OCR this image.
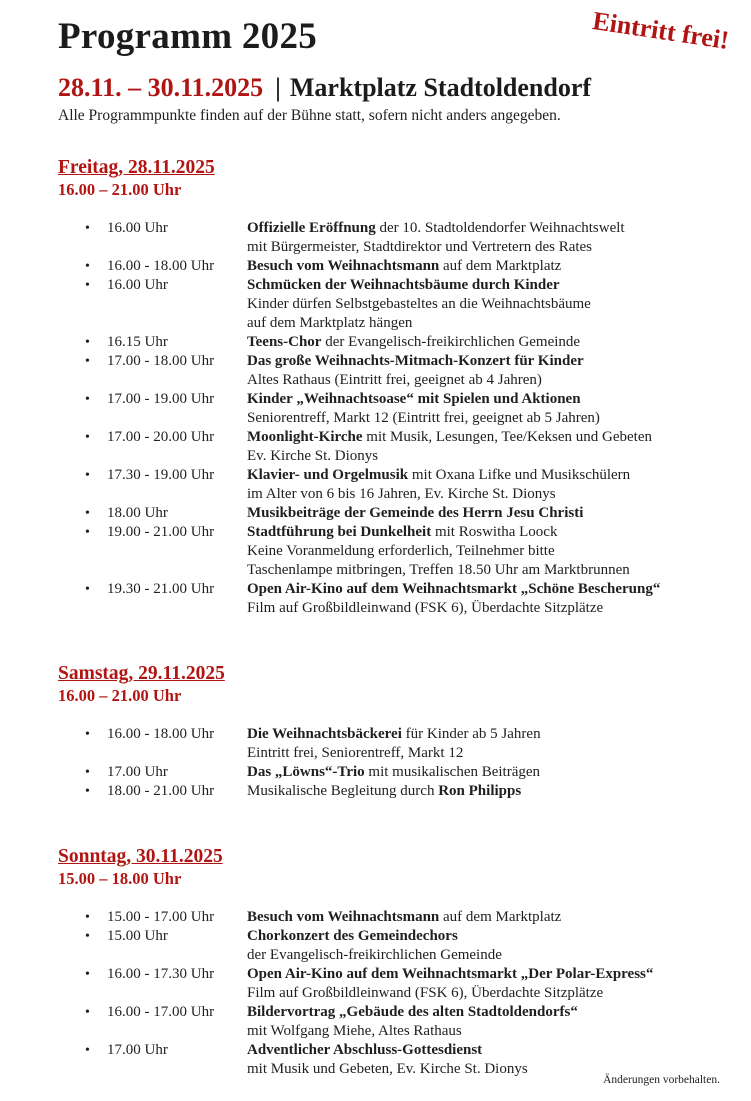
Programm 2025	Eintritt frei!
28.11. – 30.11.2025 | Marktplatz Stadtoldendorf

Alle Programmpunkte finden auf der Bühne statt, sofern nicht anders angegeben.

Freitag, 28.11.2025
16.00 – 21.00 Uhr
•	16.00 Uhr	Offizielle Eröffnung der 10. Stadtoldendorfer Weihnachtswelt
mit Bürgermeister, Stadtdirektor und Vertretern des Rates
•	16.00 - 18.00 Uhr	Besuch vom Weihnachtsmann auf dem Marktplatz
•	16.00 Uhr	Schmücken der Weihnachtsbäume durch Kinder
Kinder dürfen Selbstgebasteltes an die Weihnachtsbäume
auf dem Marktplatz hängen
•	16.15 Uhr	Teens-Chor der Evangelisch-freikirchlichen Gemeinde
•	17.00 - 18.00 Uhr	Das große Weihnachts-Mitmach-Konzert für Kinder
Altes Rathaus (Eintritt frei, geeignet ab 4 Jahren)
•	17.00 - 19.00 Uhr	Kinder „Weihnachtsoase“ mit Spielen und Aktionen
Seniorentreff, Markt 12 (Eintritt frei, geeignet ab 5 Jahren)
•	17.00 - 20.00 Uhr	Moonlight-Kirche mit Musik, Lesungen, Tee/Keksen und Gebeten
Ev. Kirche St. Dionys
•	17.30 - 19.00 Uhr	Klavier- und Orgelmusik mit Oxana Lifke und Musikschülern
im Alter von 6 bis 16 Jahren, Ev. Kirche St. Dionys
•	18.00 Uhr	Musikbeiträge der Gemeinde des Herrn Jesu Christi
•	19.00 - 21.00 Uhr	Stadtführung bei Dunkelheit mit Roswitha Loock
Keine Voranmeldung erforderlich, Teilnehmer bitte
Taschenlampe mitbringen, Treffen 18.50 Uhr am Marktbrunnen
•	19.30 - 21.00 Uhr	Open Air-Kino auf dem Weihnachtsmarkt „Schöne Bescherung“
Film auf Großbildleinwand (FSK 6), Überdachte Sitzplätze
Samstag, 29.11.2025
16.00 – 21.00 Uhr
•	16.00 - 18.00 Uhr	Die Weihnachtsbäckerei für Kinder ab 5 Jahren
Eintritt frei, Seniorentreff, Markt 12
•	17.00 Uhr	Das „Löwns“-Trio mit musikalischen Beiträgen
•	18.00 - 21.00 Uhr	Musikalische Begleitung durch Ron Philipps
Sonntag, 30.11.2025
15.00 – 18.00 Uhr
•	15.00 - 17.00 Uhr	Besuch vom Weihnachtsmann auf dem Marktplatz
•	15.00 Uhr	Chorkonzert des Gemeindechors
der Evangelisch-freikirchlichen Gemeinde
•	16.00 - 17.30 Uhr	Open Air-Kino auf dem Weihnachtsmarkt „Der Polar-Express“
Film auf Großbildleinwand (FSK 6), Überdachte Sitzplätze
•	16.00 - 17.00 Uhr	Bildervortrag „Gebäude des alten Stadtoldendorfs“
mit Wolfgang Miehe, Altes Rathaus
•	17.00 Uhr	Adventlicher Abschluss-Gottesdienst
mit Musik und Gebeten, Ev. Kirche St. Dionys
Änderungen vorbehalten.
